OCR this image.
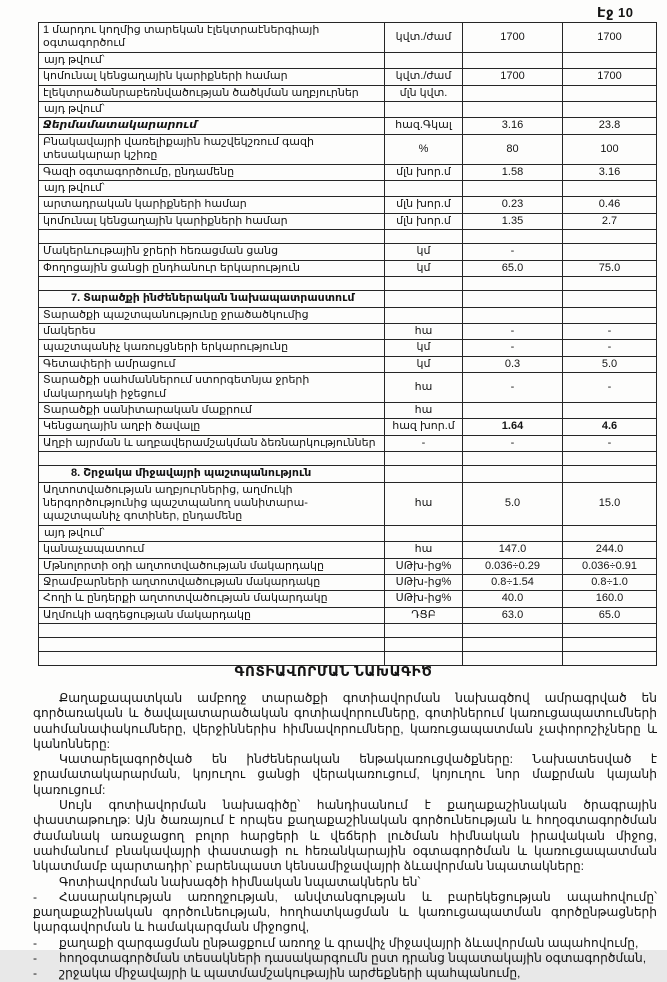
Էջ 10
1 մարդու կողմից տարեկան էլեկտրաէներգիայի օգտագործում	կվտ./ժամ	1700	1700
այդ թվում՝			
կոմունալ կենցաղային կարիքների համար	կվտ./ժամ	1700	1700
էլեկտրածանրաբեռնվածության ծածկման աղբյուրներ	մլն կվտ.		
այդ թվում՝			
Ջերմամատակարարում	հազ.Գկալ	3.16	23.8
Բնակավայրի վառելիքային հաշվեկշռում գազի տեսակարար կշիռը	%	80	100
Գազի օգտագործումը, ընդամենը	մլն խոր.մ	1.58	3.16
այդ թվում՝			
արտադրական կարիքների համար	մլն խոր.մ	0.23	0.46
կոմունալ կենցաղային կարիքների համար	մլն խոր.մ	1.35	2.7

Մակերևութային ջրերի հեռացման ցանց	կմ	-	
Փողոցային ցանցի ընդհանուր երկարություն	կմ	65.0	75.0

7. Տարածքի ինժեներական նախապատրաստում			
Տարածքի պաշտպանությունը ջրածածկումից			
մակերես	հա	-	-
պաշտպանիչ կառույցների երկարությունը	կմ	-	-
Գետափերի ամրացում	կմ	0.3	5.0
Տարածքի սահմաններում ստորգետնյա ջրերի մակարդակի իջեցում	հա	-	-
Տարածքի սանիտարական մաքրում	հա		
Կենցաղային աղբի ծավալը	հազ խոր.մ	1.64	4.6
Աղբի այրման և աղբավերամշակման ձեռնարկություններ	-	-	-

8. Շրջակա միջավայրի պաշտպանություն			
Աղտոտվածության աղբյուրներից, աղմուկի ներգործությունից պաշտպանող սանիտարա-պաշտպանիչ գոտիներ, ընդամենը	հա	5.0	15.0
այդ թվում՝			
կանաչապատում	հա	147.0	244.0
Մթնոլորտի օդի աղտոտվածության մակարդակը	ՍԹխ-ից%	0.036÷0.29	0.036÷0.91
Ջրամբարների աղտոտվածության մակարդակը	ՍԹխ-ից%	0.8÷1.54	0.8÷1.0
Հողի և ընդերքի աղտոտվածության մակարդակը	ՍԹխ-ից%	40.0	160.0
Աղմուկի ազդեցության մակարդակը	ԴՑԲ	63.0	65.0

ԳՈՏԻԱՎՈՐՄԱՆ ՆԱԽԱԳԻԾ

Քաղաքապատկան ամբողջ տարածքի գոտիավորման նախագծով ամրագրված են գործառական և ծավալատարածական գոտիավորումները, գոտիներում կառուցապատումների սահմանափակումները, վերջիններիս հիմնավորումները, կառուցապատման չափորոշիչները և կանոնները:

Կատարելագործված են ինժեներական ենթակառուցվածքները: Նախատեսված է ջրամատակարարման, կոյուղու ցանցի վերակառուցում, կոյուղու նոր մաքրման կայանի կառուցում:

Սույն գոտիավորման նախագիծը՝ հանդիսանում է քաղաքաշինական ծրագրային փաստաթուղթ: Այն ծառայում է որպես քաղաքաշինական գործունեության և հողօգտագործման ժամանակ առաջացող բոլոր հարցերի և վեճերի լուծման հիմնական իրավական միջոց, սահմանում բնակավայրի փաստացի ու հեռանկարային օգտագործման և կառուցապատման նկատմամբ պարտադիր՝ բարենպաստ կենսամիջավայրի ձևավորման նպատակները:

Գոտիավորման նախագծի հիմնական նպատակներն են՝

- Հասարակության առողջության, անվտանգության և բարեկեցության ապահովումը՝ քաղաքաշինական գործունեության, հողհատկացման և կառուցապատման գործընթացների կարգավորման և համակարգման միջոցով,
- քաղաքի զարգացման ընթացքում առողջ և գրավիչ միջավայրի ձևավորման ապահովումը,
- հողօգտագործման տեսակների դասակարգումն ըստ դրանց նպատակային օգտագործման,
- շրջակա միջավայրի և պատմամշակութային արժեքների պահպանումը,
